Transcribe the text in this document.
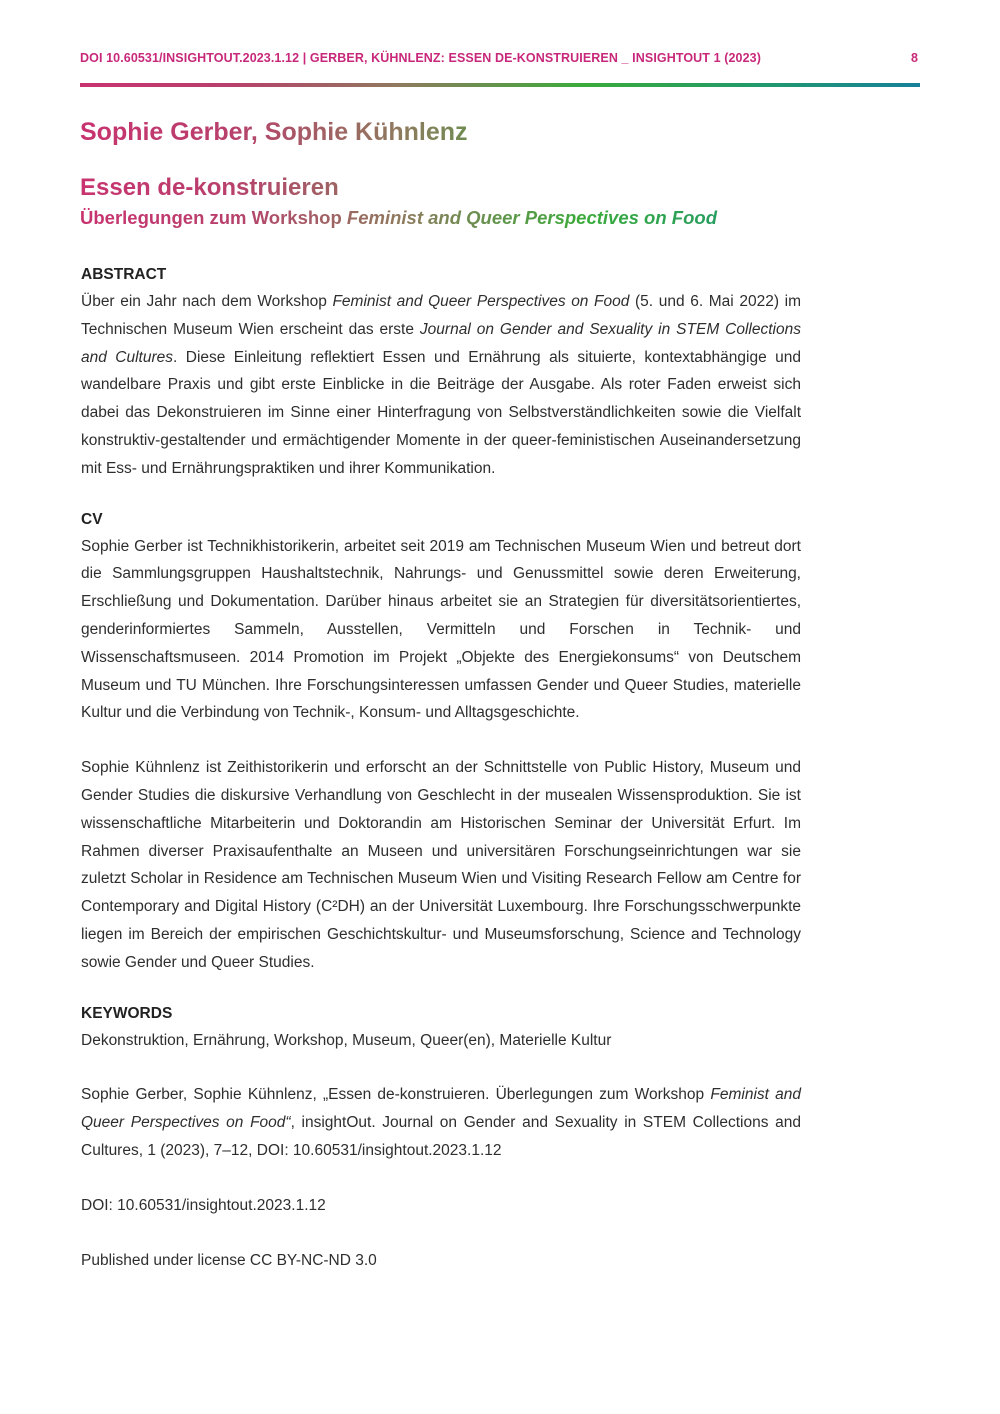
DOI 10.60531/INSIGHTOUT.2023.1.12 | GERBER, KÜHNLENZ: ESSEN DE-KONSTRUIEREN _ INSIGHTOUT 1 (2023)	8
Sophie Gerber, Sophie Kühnlenz
Essen de-konstruieren
Überlegungen zum Workshop Feminist and Queer Perspectives on Food

ABSTRACT

Über ein Jahr nach dem Workshop Feminist and Queer Perspectives on Food (5. und 6. Mai 2022) im Technischen Museum Wien erscheint das erste Journal on Gender and Sexuality in STEM Collections and Cultures. Diese Einleitung reflektiert Essen und Ernährung als situierte, kontextabhängige und wandelbare Praxis und gibt erste Einblicke in die Beiträge der Ausgabe. Als roter Faden erweist sich dabei das Dekonstruieren im Sinne einer Hinterfragung von Selbstverständlichkeiten sowie die Vielfalt konstruktiv-gestaltender und ermächtigender Momente in der queer-feministischen Auseinandersetzung mit Ess- und Ernährungspraktiken und ihrer Kommunikation.

CV

Sophie Gerber ist Technikhistorikerin, arbeitet seit 2019 am Technischen Museum Wien und betreut dort die Sammlungsgruppen Haushaltstechnik, Nahrungs- und Genussmittel sowie deren Erweiterung, Erschließung und Dokumentation. Darüber hinaus arbeitet sie an Strategien für diversitätsorientiertes, genderinformiertes Sammeln, Ausstellen, Vermitteln und Forschen in Technik- und Wissenschaftsmuseen. 2014 Promotion im Projekt „Objekte des Energiekonsums“ von Deutschem Museum und TU München. Ihre Forschungsinteressen umfassen Gender und Queer Studies, materielle Kultur und die Verbindung von Technik-, Konsum- und Alltagsgeschichte.

Sophie Kühnlenz ist Zeithistorikerin und erforscht an der Schnittstelle von Public History, Museum und Gender Studies die diskursive Verhandlung von Geschlecht in der musealen Wissensproduktion. Sie ist wissenschaftliche Mitarbeiterin und Doktorandin am Historischen Seminar der Universität Erfurt. Im Rahmen diverser Praxisaufenthalte an Museen und universitären Forschungseinrichtungen war sie zuletzt Scholar in Residence am Technischen Museum Wien und Visiting Research Fellow am Centre for Contemporary and Digital History (C²DH) an der Universität Luxembourg. Ihre Forschungsschwerpunkte liegen im Bereich der empirischen Geschichtskultur- und Museumsforschung, Science and Technology sowie Gender und Queer Studies.

KEYWORDS

Dekonstruktion, Ernährung, Workshop, Museum, Queer(en), Materielle Kultur

Sophie Gerber, Sophie Kühnlenz, „Essen de-konstruieren. Überlegungen zum Workshop Feminist and Queer Perspectives on Food“, insightOut. Journal on Gender and Sexuality in STEM Collections and Cultures, 1 (2023), 7–12, DOI: 10.60531/insightout.2023.1.12

DOI: 10.60531/insightout.2023.1.12

Published under license CC BY-NC-ND 3.0
